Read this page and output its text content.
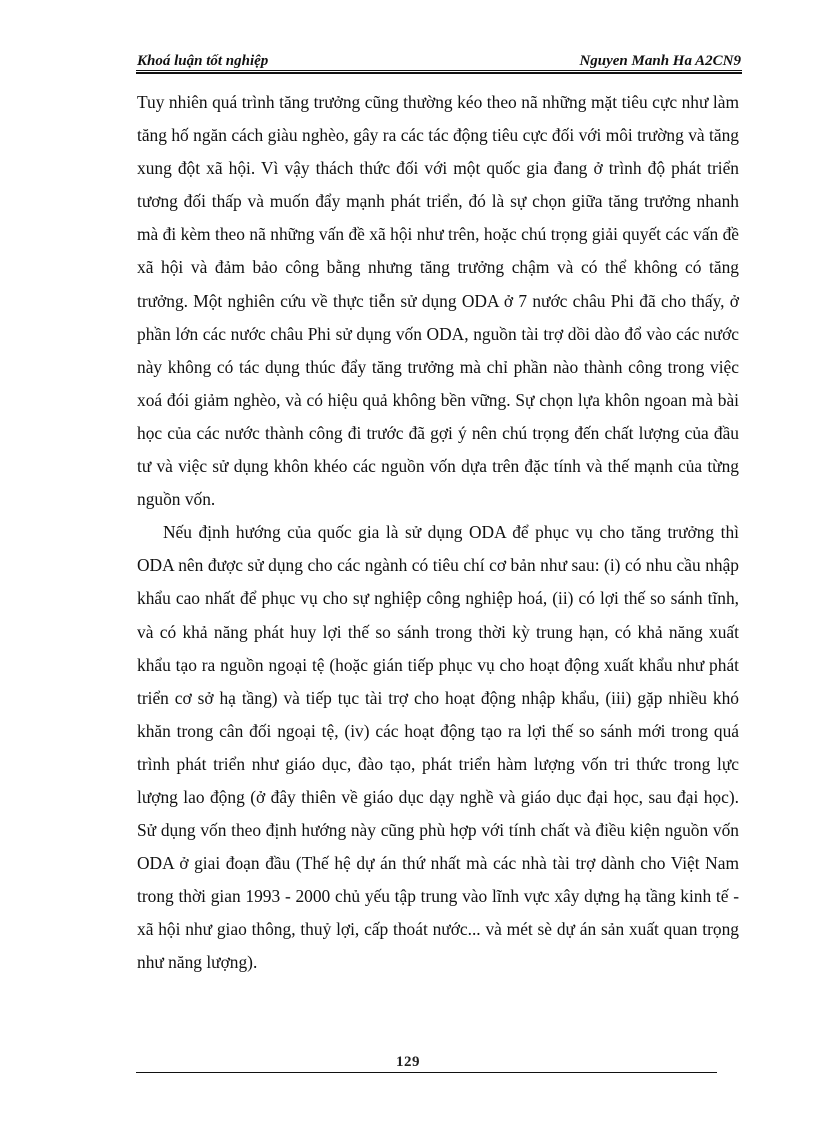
Khoá luận tốt nghiệp	Nguyen Manh Ha A2CN9

Tuy nhiên quá trình tăng trưởng cũng thường kéo theo nã những mặt tiêu cực như làm tăng hố ngăn cách giàu nghèo, gây ra các tác động tiêu cực đối với môi trường và tăng xung đột xã hội. Vì vậy thách thức đối với một quốc gia đang ở trình độ phát triển tương đối thấp và muốn đẩy mạnh phát triển, đó là sự chọn giữa tăng trưởng nhanh mà đi kèm theo nã những vấn đề xã hội như trên, hoặc chú trọng giải quyết các vấn đề xã hội và đảm bảo công bằng nhưng tăng trưởng chậm và có thể không có tăng trưởng. Một nghiên cứu về thực tiễn sử dụng ODA ở 7 nước châu Phi đã cho thấy, ở phần lớn các nước châu Phi sử dụng vốn ODA, nguồn tài trợ dồi dào đổ vào các nước này không có tác dụng thúc đẩy tăng trưởng mà chỉ phần nào thành công trong việc xoá đói giảm nghèo, và có hiệu quả không bền vững. Sự chọn lựa khôn ngoan mà bài học của các nước thành công đi trước đã gợi ý nên chú trọng đến chất lượng của đầu tư và việc sử dụng khôn khéo các nguồn vốn dựa trên đặc tính và thế mạnh của từng nguồn vốn.

Nếu định hướng của quốc gia là sử dụng ODA để phục vụ cho tăng trưởng thì ODA nên được sử dụng cho các ngành có tiêu chí cơ bản như sau: (i) có nhu cầu nhập khẩu cao nhất để phục vụ cho sự nghiệp công nghiệp hoá, (ii) có lợi thế so sánh tĩnh, và có khả năng phát huy lợi thế so sánh trong thời kỳ trung hạn, có khả năng xuất khẩu tạo ra nguồn ngoại tệ (hoặc gián tiếp phục vụ cho hoạt động xuất khẩu như phát triển cơ sở hạ tầng) và tiếp tục tài trợ cho hoạt động nhập khẩu, (iii) gặp nhiều khó khăn trong cân đối ngoại tệ, (iv) các hoạt động tạo ra lợi thế so sánh mới trong quá trình phát triển như giáo dục, đào tạo, phát triển hàm lượng vốn tri thức trong lực lượng lao động (ở đây thiên về giáo dục dạy nghề và giáo dục đại học, sau đại học). Sử dụng vốn theo định hướng này cũng phù hợp với tính chất và điều kiện nguồn vốn ODA ở giai đoạn đầu (Thế hệ dự án thứ nhất mà các nhà tài trợ dành cho Việt Nam trong thời gian 1993 - 2000 chủ yếu tập trung vào lĩnh vực xây dựng hạ tầng kinh tế - xã hội như giao thông, thuỷ lợi, cấp thoát nước... và mét sè dự án sản xuất quan trọng như năng lượng).

129
